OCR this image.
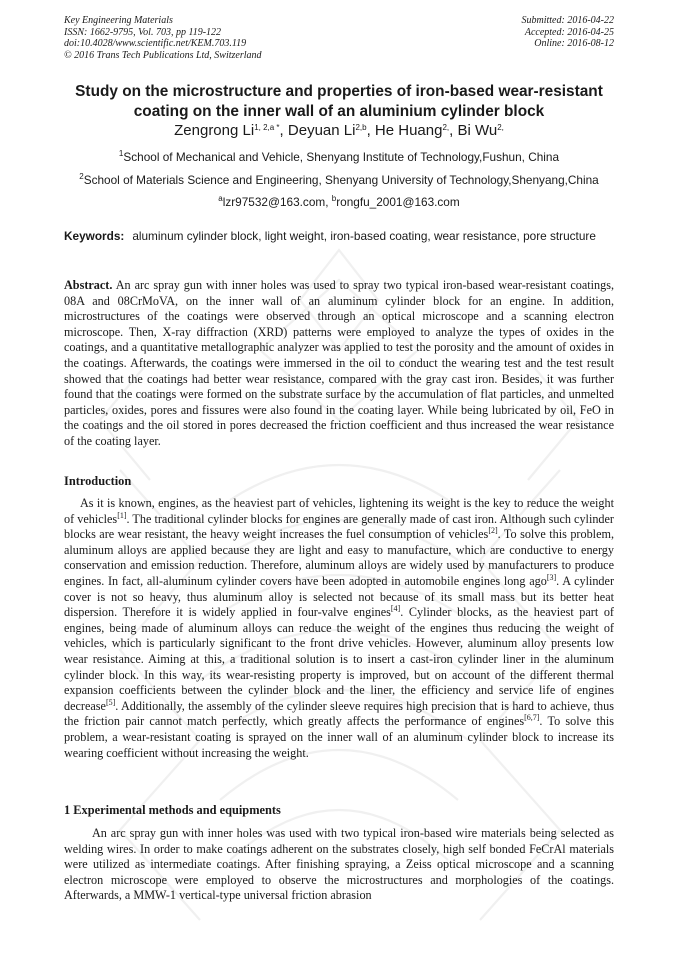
Key Engineering Materials
ISSN: 1662-9795, Vol. 703, pp 119-122
doi:10.4028/www.scientific.net/KEM.703.119
© 2016 Trans Tech Publications Ltd, Switzerland
Submitted: 2016-04-22
Accepted: 2016-04-25
Online: 2016-08-12
Study on the microstructure and properties of iron-based wear-resistant
coating on the inner wall of an aluminium cylinder block
Zengrong $Li^{1, 2,a *}$, Deyuan Li$^{2,b}$, He Huang$^{2,}$, Bi $Wu^{2,}$
$^1$School of Mechanical and Vehicle, Shenyang Institute of Technology,Fushun, China
$^2$School of Materials Science and Engineering, Shenyang University of Technology,Shenyang,China
$^a$lzr97532@163.com, $^b$rongfu_2001@163.com
Keywords: aluminum cylinder block, light weight, iron-based coating, wear resistance, pore structure
Abstract. An arc spray gun with inner holes was used to spray two typical iron-based wear-resistant coatings, 08A and 08CrMoVA, on the inner wall of an aluminum cylinder block for an engine. In addition, microstructures of the coatings were observed through an optical microscope and a scanning electron microscope. Then, X-ray diffraction (XRD) patterns were employed to analyze the types of oxides in the coatings, and a quantitative metallographic analyzer was applied to test the porosity and the amount of oxides in the coatings. Afterwards, the coatings were immersed in the oil to conduct the wearing test and the test result showed that the coatings had better wear resistance, compared with the gray cast iron. Besides, it was further found that the coatings were formed on the substrate surface by the accumulation of flat particles, and unmelted particles, oxides, pores and fissures were also found in the coating layer. While being lubricated by oil, FeO in the coatings and the oil stored in pores decreased the friction coefficient and thus increased the wear resistance of the coating layer.
Introduction
As it is known, engines, as the heaviest part of vehicles, lightening its weight is the key to reduce the weight of vehicles[1]. The traditional cylinder blocks for engines are generally made of cast iron. Although such cylinder blocks are wear resistant, the heavy weight increases the fuel consumption of vehicles[2]. To solve this problem, aluminum alloys are applied because they are light and easy to manufacture, which are conductive to energy conservation and emission reduction. Therefore, aluminum alloys are widely used by manufacturers to produce engines. In fact, all-aluminum cylinder covers have been adopted in automobile engines long ago[3]. A cylinder cover is not so heavy, thus aluminum alloy is selected not because of its small mass but its better heat dispersion. Therefore it is widely applied in four-valve engines[4]. Cylinder blocks, as the heaviest part of engines, being made of aluminum alloys can reduce the weight of the engines thus reducing the weight of vehicles, which is particularly significant to the front drive vehicles. However, aluminum alloy presents low wear resistance. Aiming at this, a traditional solution is to insert a cast-iron cylinder liner in the aluminum cylinder block. In this way, its wear-resisting property is improved, but on account of the different thermal expansion coefficients between the cylinder block and the liner, the efficiency and service life of engines decrease[5]. Additionally, the assembly of the cylinder sleeve requires high precision that is hard to achieve, thus the friction pair cannot match perfectly, which greatly affects the performance of engines[6,7]. To solve this problem, a wear-resistant coating is sprayed on the inner wall of an aluminum cylinder block to increase its wearing coefficient without increasing the weight.
1 Experimental methods and equipments
An arc spray gun with inner holes was used with two typical iron-based wire materials being selected as welding wires. In order to make coatings adherent on the substrates closely, high self bonded FeCrAl materials were utilized as intermediate coatings. After finishing spraying, a Zeiss optical microscope and a scanning electron microscope were employed to observe the microstructures and morphologies of the coatings. Afterwards, a MMW-1 vertical-type universal friction abrasion
